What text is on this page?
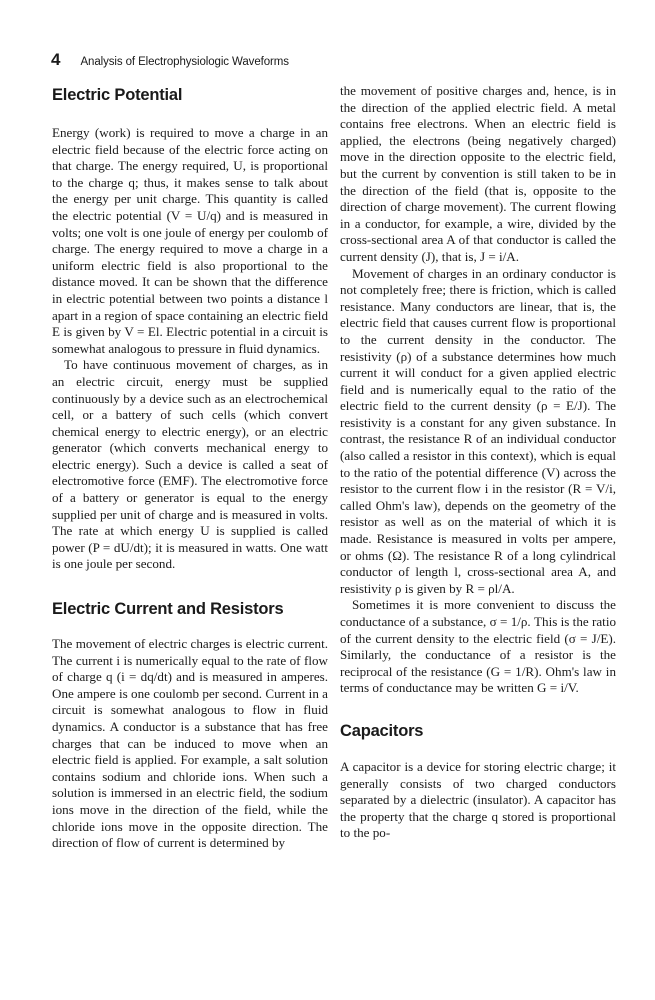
4 Analysis of Electrophysiologic Waveforms
Electric Potential

Energy (work) is required to move a charge in an electric field because of the electric force acting on that charge. The energy required, U, is proportional to the charge q; thus, it makes sense to talk about the energy per unit charge. This quantity is called the electric potential (V = U/q) and is measured in volts; one volt is one joule of energy per coulomb of charge. The energy required to move a charge in a uniform electric field is also proportional to the distance moved. It can be shown that the difference in electric potential between two points a distance l apart in a region of space containing an electric field E is given by V = El. Electric potential in a circuit is somewhat analogous to pressure in fluid dynamics.

To have continuous movement of charges, as in an electric circuit, energy must be supplied continuously by a device such as an electrochemical cell, or a battery of such cells (which convert chemical energy to electric energy), or an electric generator (which converts mechanical energy to electric energy). Such a device is called a seat of electromotive force (EMF). The electromotive force of a battery or generator is equal to the energy supplied per unit of charge and is measured in volts. The rate at which energy U is supplied is called power (P = dU/dt); it is measured in watts. One watt is one joule per second.

Electric Current and Resistors

The movement of electric charges is electric current. The current i is numerically equal to the rate of flow of charge q (i = dq/dt) and is measured in amperes. One ampere is one coulomb per second. Current in a circuit is somewhat analogous to flow in fluid dynamics. A conductor is a substance that has free charges that can be induced to move when an electric field is applied. For example, a salt solution contains sodium and chloride ions. When such a solution is immersed in an electric field, the sodium ions move in the direction of the field, while the chloride ions move in the opposite direction. The direction of flow of current is determined by

the movement of positive charges and, hence, is in the direction of the applied electric field. A metal contains free electrons. When an electric field is applied, the electrons (being negatively charged) move in the direction opposite to the electric field, but the current by convention is still taken to be in the direction of the field (that is, opposite to the direction of charge movement). The current flowing in a conductor, for example, a wire, divided by the cross-sectional area A of that conductor is called the current density (J), that is, J = i/A.

Movement of charges in an ordinary conductor is not completely free; there is friction, which is called resistance. Many conductors are linear, that is, the electric field that causes current flow is proportional to the current density in the conductor. The resistivity (ρ) of a substance determines how much current it will conduct for a given applied electric field and is numerically equal to the ratio of the electric field to the current density (ρ = E/J). The resistivity is a constant for any given substance. In contrast, the resistance R of an individual conductor (also called a resistor in this context), which is equal to the ratio of the potential difference (V) across the resistor to the current flow i in the resistor (R = V/i, called Ohm's law), depends on the geometry of the resistor as well as on the material of which it is made. Resistance is measured in volts per ampere, or ohms (Ω). The resistance R of a long cylindrical conductor of length l, cross-sectional area A, and resistivity ρ is given by R = ρl/A.

Sometimes it is more convenient to discuss the conductance of a substance, σ = 1/ρ. This is the ratio of the current density to the electric field (σ = J/E). Similarly, the conductance of a resistor is the reciprocal of the resistance (G = 1/R). Ohm's law in terms of conductance may be written G = i/V.

Capacitors

A capacitor is a device for storing electric charge; it generally consists of two charged conductors separated by a dielectric (insulator). A capacitor has the property that the charge q stored is proportional to the po-
